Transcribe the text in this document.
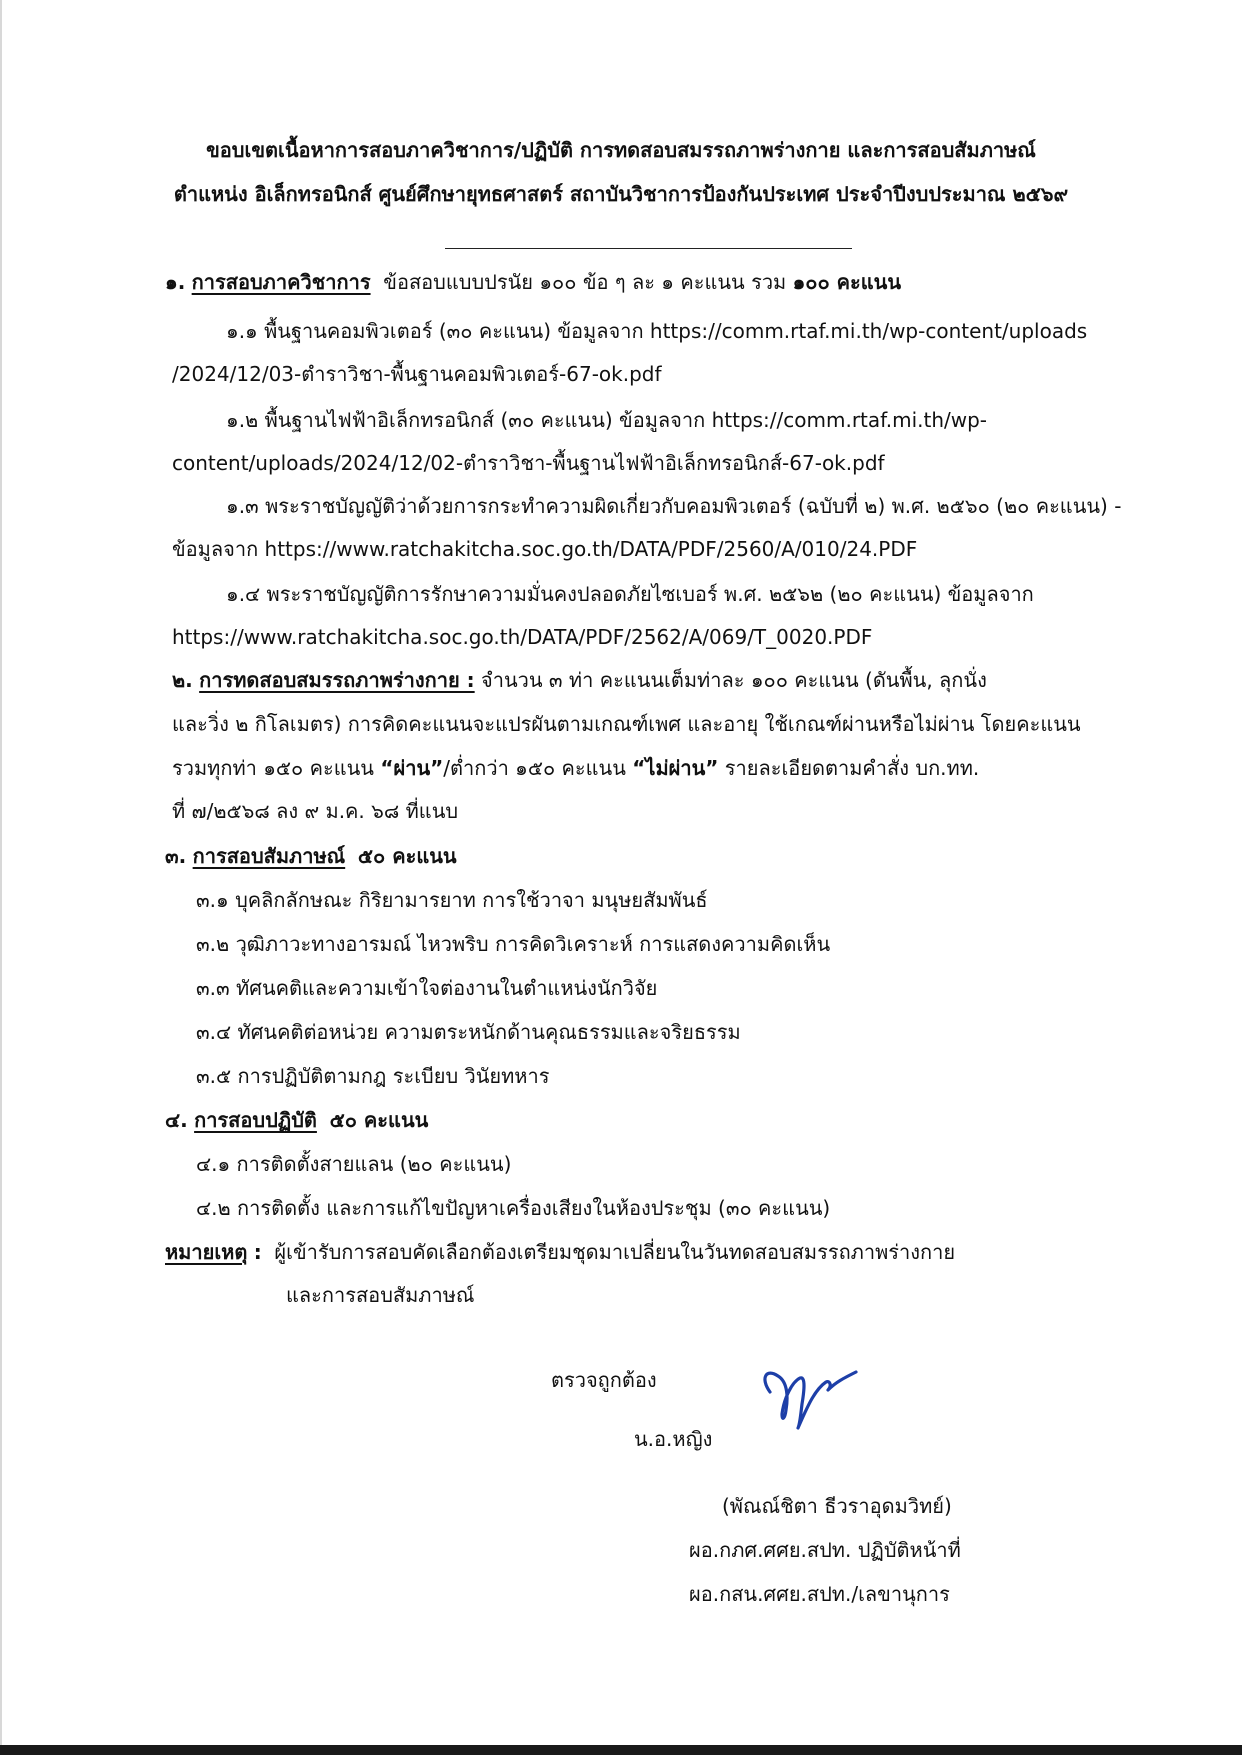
ขอบเขตเนื้อหาการสอบภาควิชาการ/ปฏิบัติ การทดสอบสมรรถภาพร่างกาย และการสอบสัมภาษณ์
ตำแหน่ง อิเล็กทรอนิกส์ ศูนย์ศึกษายุทธศาสตร์ สถาบันวิชาการป้องกันประเทศ ประจำปีงบประมาณ ๒๕๖๙
๑. การสอบภาควิชาการ ข้อสอบแบบปรนัย ๑๐๐ ข้อ ๆ ละ ๑ คะแนน รวม ๑๐๐ คะแนน
๑.๑ พื้นฐานคอมพิวเตอร์ (๓๐ คะแนน) ข้อมูลจาก https://comm.rtaf.mi.th/wp-content/uploads
/2024/12/03-ตำราวิชา-พื้นฐานคอมพิวเตอร์-67-ok.pdf
๑.๒ พื้นฐานไฟฟ้าอิเล็กทรอนิกส์ (๓๐ คะแนน) ข้อมูลจาก https://comm.rtaf.mi.th/wp-
content/uploads/2024/12/02-ตำราวิชา-พื้นฐานไฟฟ้าอิเล็กทรอนิกส์-67-ok.pdf
๑.๓ พระราชบัญญัติว่าด้วยการกระทำความผิดเกี่ยวกับคอมพิวเตอร์ (ฉบับที่ ๒) พ.ศ. ๒๕๖๐ (๒๐ คะแนน) -
ข้อมูลจาก https://www.ratchakitcha.soc.go.th/DATA/PDF/2560/A/010/24.PDF
๑.๔ พระราชบัญญัติการรักษาความมั่นคงปลอดภัยไซเบอร์ พ.ศ. ๒๕๖๒ (๒๐ คะแนน) ข้อมูลจาก
https://www.ratchakitcha.soc.go.th/DATA/PDF/2562/A/069/T_0020.PDF
๒. การทดสอบสมรรถภาพร่างกาย : จำนวน ๓ ท่า คะแนนเต็มท่าละ ๑๐๐ คะแนน (ดันพื้น, ลุกนั่ง
และวิ่ง ๒ กิโลเมตร) การคิดคะแนนจะแปรผันตามเกณฑ์เพศ และอายุ ใช้เกณฑ์ผ่านหรือไม่ผ่าน โดยคะแนน
รวมทุกท่า ๑๕๐ คะแนน “ผ่าน”/ต่ำกว่า ๑๕๐ คะแนน “ไม่ผ่าน” รายละเอียดตามคำสั่ง บก.ทท.
ที่ ๗/๒๕๖๘ ลง ๙ ม.ค. ๖๘ ที่แนบ
๓. การสอบสัมภาษณ์ ๕๐ คะแนน
๓.๑ บุคลิกลักษณะ กิริยามารยาท การใช้วาจา มนุษยสัมพันธ์
๓.๒ วุฒิภาวะทางอารมณ์ ไหวพริบ การคิดวิเคราะห์ การแสดงความคิดเห็น
๓.๓ ทัศนคติและความเข้าใจต่องานในตำแหน่งนักวิจัย
๓.๔ ทัศนคติต่อหน่วย ความตระหนักด้านคุณธรรมและจริยธรรม
๓.๕ การปฏิบัติตามกฎ ระเบียบ วินัยทหาร
๔. การสอบปฏิบัติ ๕๐ คะแนน
๔.๑ การติดตั้งสายแลน (๒๐ คะแนน)
๔.๒ การติดตั้ง และการแก้ไขปัญหาเครื่องเสียงในห้องประชุม (๓๐ คะแนน)
หมายเหตุ : ผู้เข้ารับการสอบคัดเลือกต้องเตรียมชุดมาเปลี่ยนในวันทดสอบสมรรถภาพร่างกาย
และการสอบสัมภาษณ์
ตรวจถูกต้อง
น.อ.หญิง
(พัณณ์ชิตา ธีวราอุดมวิทย์)
ผอ.กภศ.ศศย.สปท. ปฏิบัติหน้าที่
ผอ.กสน.ศศย.สปท./เลขานุการ
